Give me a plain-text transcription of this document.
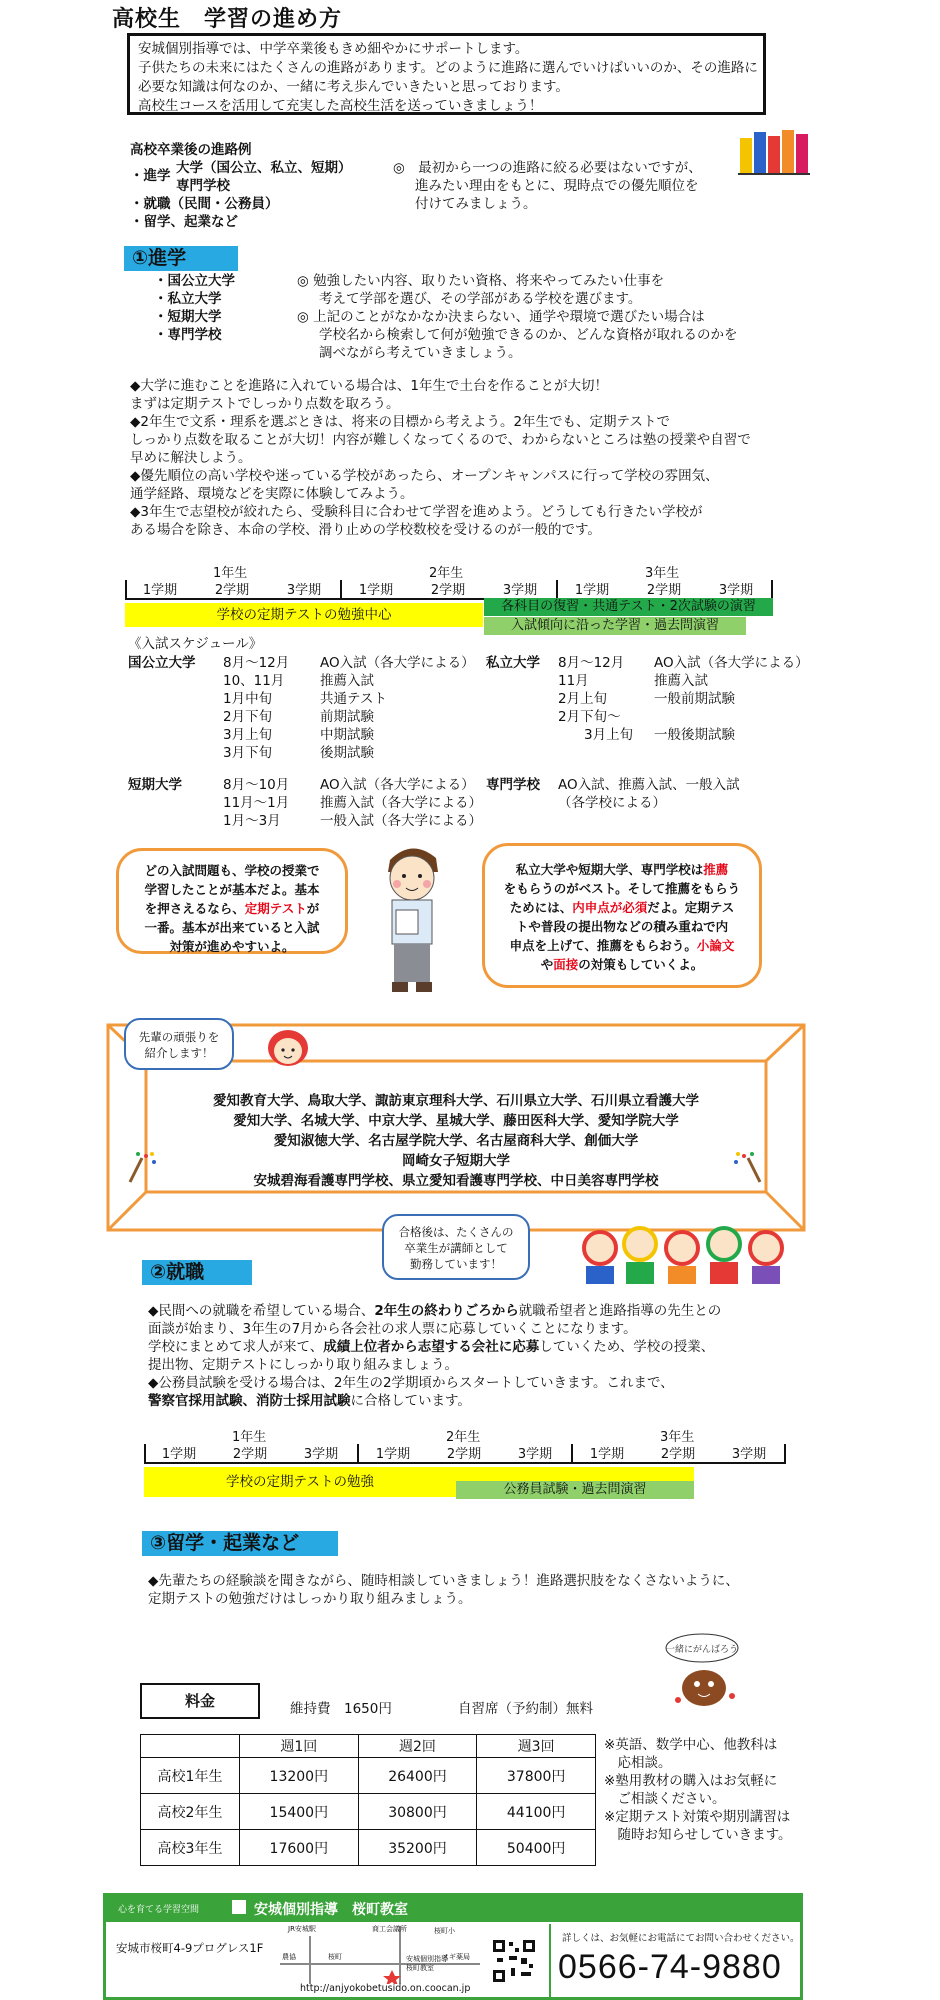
高校生　学習の進め方
安城個別指導では、中学卒業後もきめ細やかにサポートします。
子供たちの未来にはたくさんの進路があります。どのように進路に選んでいけばいいのか、その進路に
必要な知識は何なのか、一緒に考え歩んでいきたいと思っております。
高校生コースを活用して充実した高校生活を送っていきましょう！
高校卒業後の進路例
・進学 大学（国公立、私立、短期）
専門学校
・就職（民間・公務員）
・留学、起業など
◎　最初から一つの進路に絞る必要はないですが、
進みたい理由をもとに、現時点での優先順位を
付けてみましょう。
①進学
・国公立大学
・私立大学
・短期大学
・専門学校
◎ 勉強したい内容、取りたい資格、将来やってみたい仕事を
考えて学部を選び、その学部がある学校を選びます。
◎ 上記のことがなかなか決まらない、通学や環境で選びたい場合は
学校名から検索して何が勉強できるのか、どんな資格が取れるのかを
調べながら考えていきましょう。
◆大学に進むことを進路に入れている場合は、1年生で土台を作ることが大切！
まずは定期テストでしっかり点数を取ろう。
◆2年生で文系・理系を選ぶときは、将来の目標から考えよう。2年生でも、定期テストで
しっかり点数を取ることが大切！内容が難しくなってくるので、わからないところは塾の授業や自習で
早めに解決しよう。
◆優先順位の高い学校や迷っている学校があったら、オープンキャンパスに行って学校の雰囲気、
通学経路、環境などを実際に体験してみよう。
◆3年生で志望校が絞れたら、受験科目に合わせて学習を進めよう。どうしても行きたい学校が
ある場合を除き、本命の学校、滑り止めの学校数校を受けるのが一般的です。
1年生	2年生	3年生
1学期	2学期	3学期	1学期	2学期	3学期	1学期	2学期	3学期
学校の定期テストの勉強中心
各科目の復習・共通テスト・2次試験の演習
入試傾向に沿った学習・過去問演習
《入試スケジュール》
国公立大学 8月～12月 AO入試（各大学による）
10、11月	推薦入試
1月中旬	共通テスト
2月下旬	前期試験
3月上旬	中期試験
3月下旬	後期試験
私立大学 8月～12月 AO入試（各大学による）
11月	推薦入試
2月上旬	一般前期試験
2月下旬～
3月上旬 一般後期試験
短期大学	8月～10月 AO入試（各大学による）
11月～1月 推薦入試（各大学による）
1月～3月	一般入試（各大学による）
専門学校 AO入試、推薦入試、一般入試
（各学校による）
どの入試問題も、学校の授業で
学習したことが基本だよ。基本
を押さえるなら、定期テストが
一番。基本が出来ていると入試
対策が進めやすいよ。
私立大学や短期大学、専門学校は推薦
をもらうのがベスト。そして推薦をもらう
ためには、内申点が必須だよ。定期テス
トや普段の提出物などの積み重ねで内
申点を上げて、推薦をもらおう。小論文
や面接の対策もしていくよ。
先輩の頑張りを
紹介します！
愛知教育大学、鳥取大学、諏訪東京理科大学、石川県立大学、石川県立看護大学
愛知大学、名城大学、中京大学、星城大学、藤田医科大学、愛知学院大学
愛知淑徳大学、名古屋学院大学、名古屋商科大学、創価大学
岡崎女子短期大学
安城碧海看護専門学校、県立愛知看護専門学校、中日美容専門学校
合格後は、たくさんの
卒業生が講師として
勤務しています！
②就職
◆民間への就職を希望している場合、2年生の終わりごろから就職希望者と進路指導の先生との
面談が始まり、3年生の7月から各会社の求人票に応募していくことになります。
学校にまとめて求人が来て、成績上位者から志望する会社に応募していくため、学校の授業、
提出物、定期テストにしっかり取り組みましょう。
◆公務員試験を受ける場合は、2年生の2学期頃からスタートしていきます。これまで、
警察官採用試験、消防士採用試験に合格しています。
1年生	2年生	3年生
1学期	2学期	3学期	1学期	2学期	3学期	1学期	2学期	3学期
学校の定期テストの勉強	公務員試験・過去問演習
③留学・起業など
◆先輩たちの経験談を聞きながら、随時相談していきましょう！進路選択肢をなくさないように、
定期テストの勉強だけはしっかり取り組みましょう。
料金	維持費　1650円	自習席（予約制）無料
一緒にがんばろう
	週1回	週2回	週3回
高校1年生	13200円	26400円	37800円
高校2年生	15400円	30800円	44100円
高校3年生	17600円	35200円	50400円
※英語、数学中心、他教科は
　応相談。
※塾用教材の購入はお気軽に
　ご相談ください。
※定期テスト対策や期別講習は
　随時お知らせしていきます。
心を育てる学習空間	安城個別指導　桜町教室
安城市桜町4-9プログレス1F
JR安城駅	商工会議所	桜町小
農協	桜町	安城個別指導
桜町教室
スギ薬局
http://anjyokobetusido.on.coocan.jp
詳しくは、お気軽にお電話にてお問い合わせください。
0566-74-9880
